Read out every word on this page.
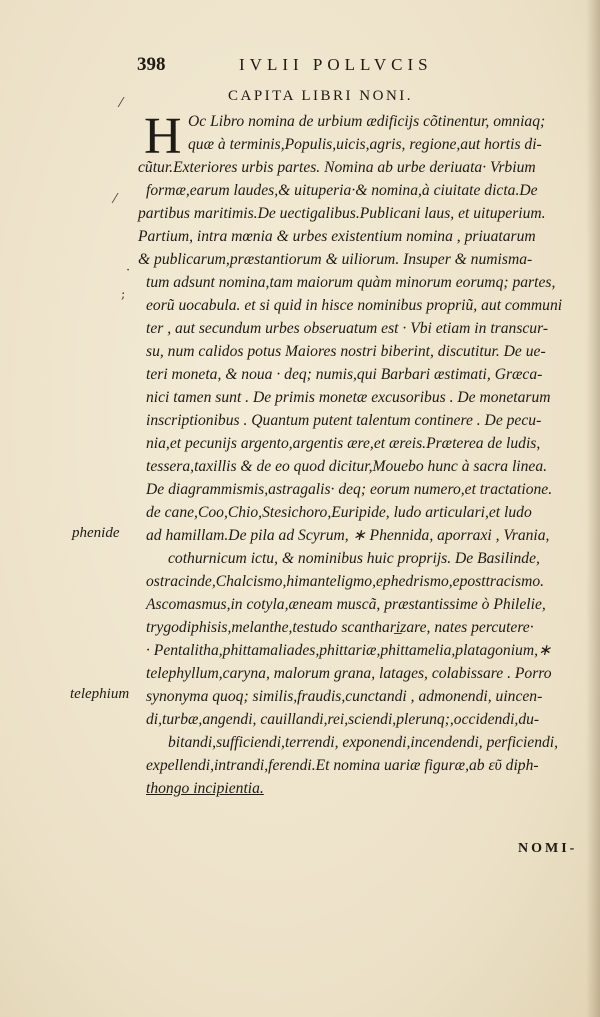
398	IVLII POLLVCIS
CAPITA LIBRI NONI.
H Oc Libro nomina de urbium ædificijs cõtinentur, omniaq;
quæ à terminis,Populis,uicis,agris, regione,aut hortis di-
cũtur.Exteriores urbis partes. Nomina ab urbe deriuata· Vrbium
formæ,earum laudes,& uituperia·& nomina,à ciuitate dicta.De
partibus maritimis.De uectigalibus.Publicani laus, et uituperium.
Partium, intra mœnia & urbes existentium nomina , priuatarum
& publicarum,præstantiorum & uiliorum. Insuper & numisma-
tum adsunt nomina,tam maiorum quàm minorum eorumq; partes,
eorũ uocabula. et si quid in hisce nominibus propriũ, aut communi
ter , aut secundum urbes obseruatum est · Vbi etiam in transcur-
su, num calidos potus Maiores nostri biberint, discutitur. De ue-
teri moneta, & noua · deq; numis,qui Barbari æstimati, Græca-
nici tamen sunt . De primis monetæ excusoribus . De monetarum
inscriptionibus . Quantum putent talentum continere . De pecu-
nia,et pecunijs argento,argentis ære,et æreis.Præterea de ludis,
tessera,taxillis & de eo quod dicitur,Mouebo hunc à sacra linea.
De diagrammismis,astragalis· deq; eorum numero,et tractatione.
de cane,Coo,Chio,Stesichoro,Euripide, ludo articulari,et ludo
ad hamillam.De pila ad Scyrum, ∗ Phennida, aporraxi , Vrania,
cothurnicum ictu, & nominibus huic proprijs. De Basilinde,
ostracinde,Chalcismo,himanteligmo,ephedrismo,eposttracismo.
Ascomasmus,in cotyla,æneam muscã, præstantissime ò Philelie,
trygodiphisis,melanthe,testudo scanthari̲zare, nates percutere·
· Pentalitha,phittamaliades,phittariæ,phittamelia,platagonium,∗
telephyllum,caryna, malorum grana, latages, colabissare . Porro
synonyma quoq; similis,fraudis,cunctandi , admonendi, uincen-
di,turbæ,angendi, cauillandi,rei,sciendi,plerunq;,occidendi,du-
bitandi,sufficiendi,terrendi, exponendi,incendendi, perficiendi,
expellendi,intrandi,ferendi.Et nomina uariæ figuræ,ab εῦ diph-
thongo incipientia.
phenide
telephium
⁄
⁄
·
;
NOMI-
